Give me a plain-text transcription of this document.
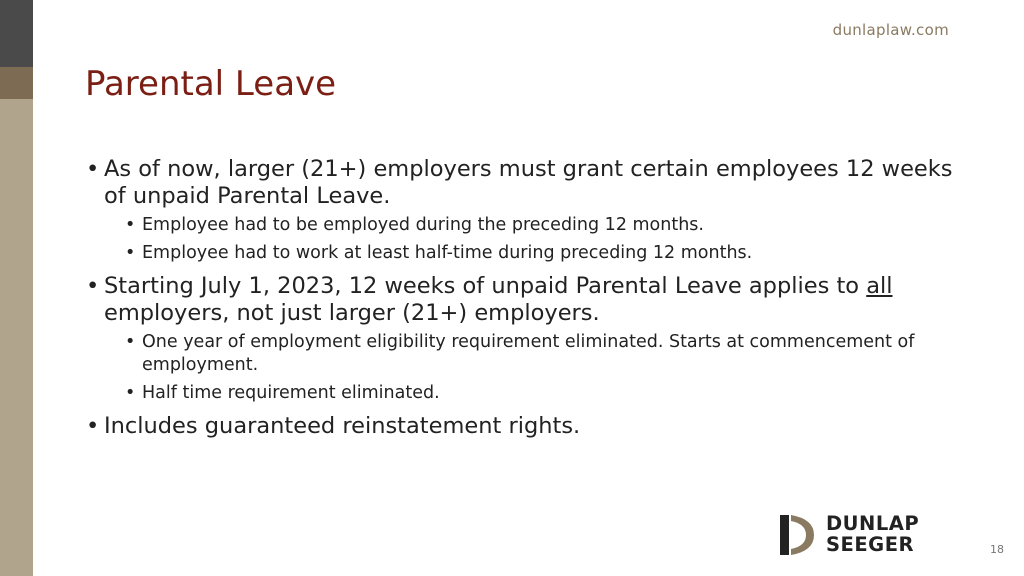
dunlaplaw.com
Parental Leave
• As of now, larger (21+) employers must grant certain employees 12 weeks of unpaid Parental Leave.
• Employee had to be employed during the preceding 12 months.
• Employee had to work at least half-time during preceding 12 months.
• Starting July 1, 2023, 12 weeks of unpaid Parental Leave applies to all employers, not just larger (21+) employers.
• One year of employment eligibility requirement eliminated. Starts at commencement of employment.
• Half time requirement eliminated.
• Includes guaranteed reinstatement rights.
DUNLAP
SEEGER	18
